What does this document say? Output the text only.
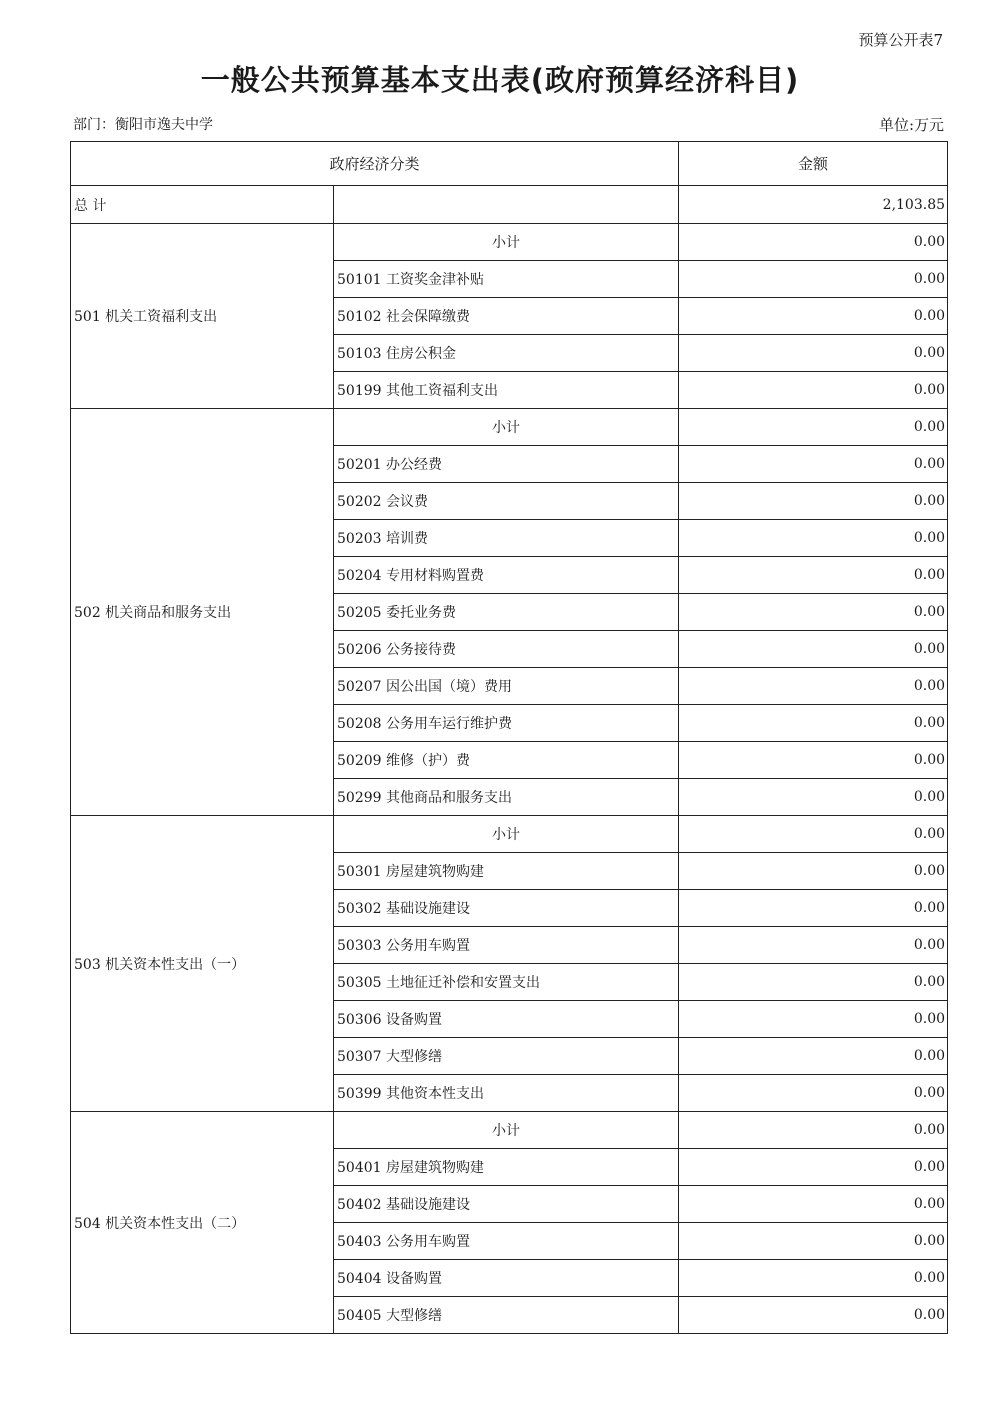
预算公开表7
一般公共预算基本支出表(政府预算经济科目)
部门：衡阳市逸夫中学	单位:万元
政府经济分类		金额
总 计		2,103.85
501 机关工资福利支出	小计	0.00
	50101 工资奖金津补贴	0.00
	50102 社会保障缴费	0.00
	50103 住房公积金	0.00
	50199 其他工资福利支出	0.00
502 机关商品和服务支出	小计	0.00
	50201 办公经费	0.00
	50202 会议费	0.00
	50203 培训费	0.00
	50204 专用材料购置费	0.00
	50205 委托业务费	0.00
	50206 公务接待费	0.00
	50207 因公出国（境）费用	0.00
	50208 公务用车运行维护费	0.00
	50209 维修（护）费	0.00
	50299 其他商品和服务支出	0.00
503 机关资本性支出（一）	小计	0.00
	50301 房屋建筑物购建	0.00
	50302 基础设施建设	0.00
	50303 公务用车购置	0.00
	50305 土地征迁补偿和安置支出	0.00
	50306 设备购置	0.00
	50307 大型修缮	0.00
	50399 其他资本性支出	0.00
504 机关资本性支出（二）	小计	0.00
	50401 房屋建筑物购建	0.00
	50402 基础设施建设	0.00
	50403 公务用车购置	0.00
	50404 设备购置	0.00
	50405 大型修缮	0.00
